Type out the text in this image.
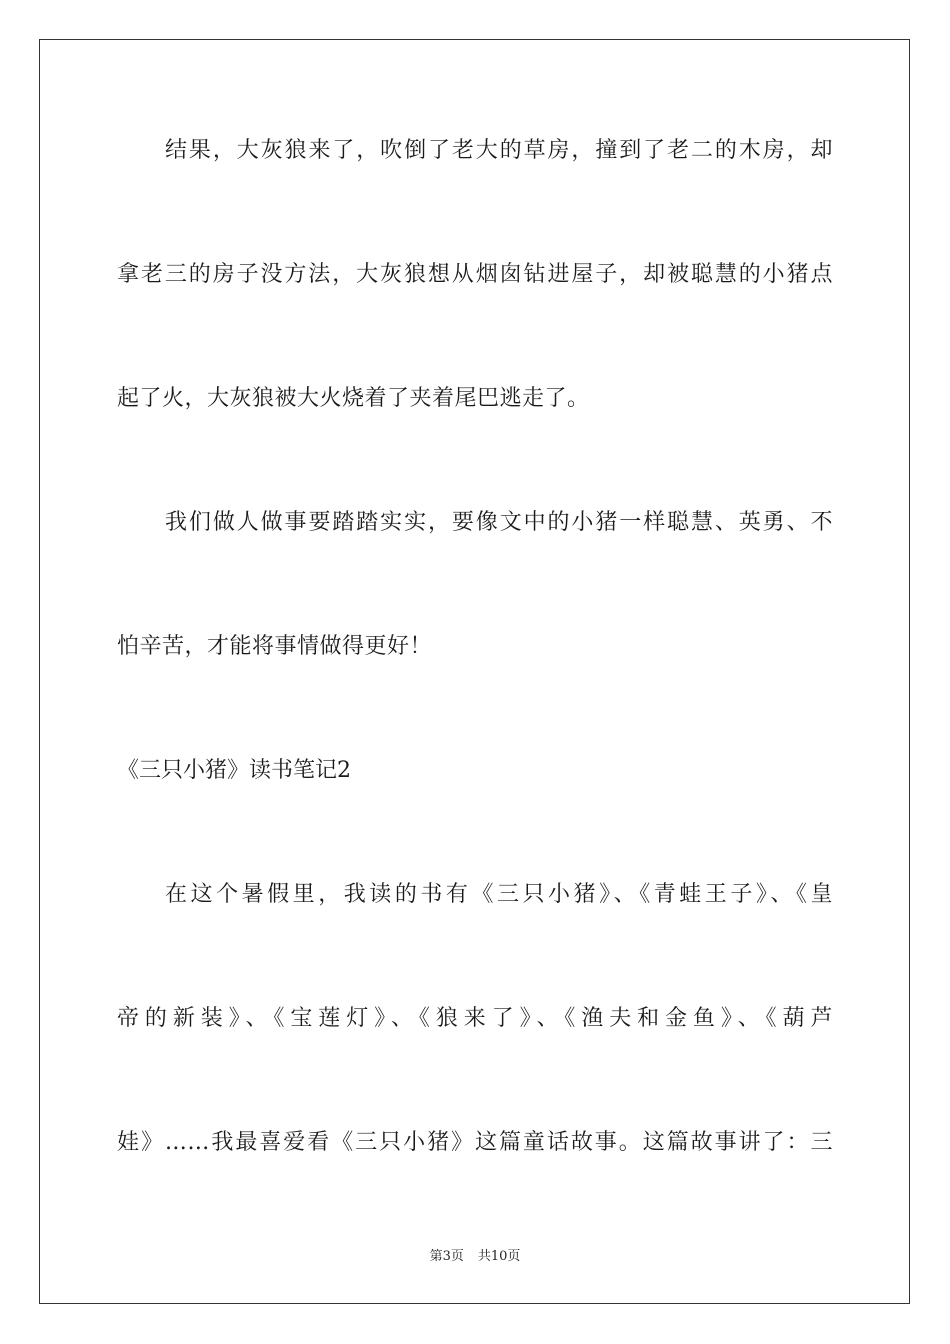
结果，大灰狼来了，吹倒了老大的草房，撞到了老二的木房，却
拿老三的房子没方法，大灰狼想从烟囱钻进屋子，却被聪慧的小猪点
起了火，大灰狼被大火烧着了夹着尾巴逃走了。
我们做人做事要踏踏实实，要像文中的小猪一样聪慧、英勇、不
怕辛苦，才能将事情做得更好！
《三只小猪》读书笔记2
在这个暑假里，我读的书有《三只小猪》、《青蛙王子》、《皇
帝的新装》、《宝莲灯》、《狼来了》、《渔夫和金鱼》、《葫芦
娃》……我最喜爱看《三只小猪》这篇童话故事。这篇故事讲了：三
第3页 共10页
